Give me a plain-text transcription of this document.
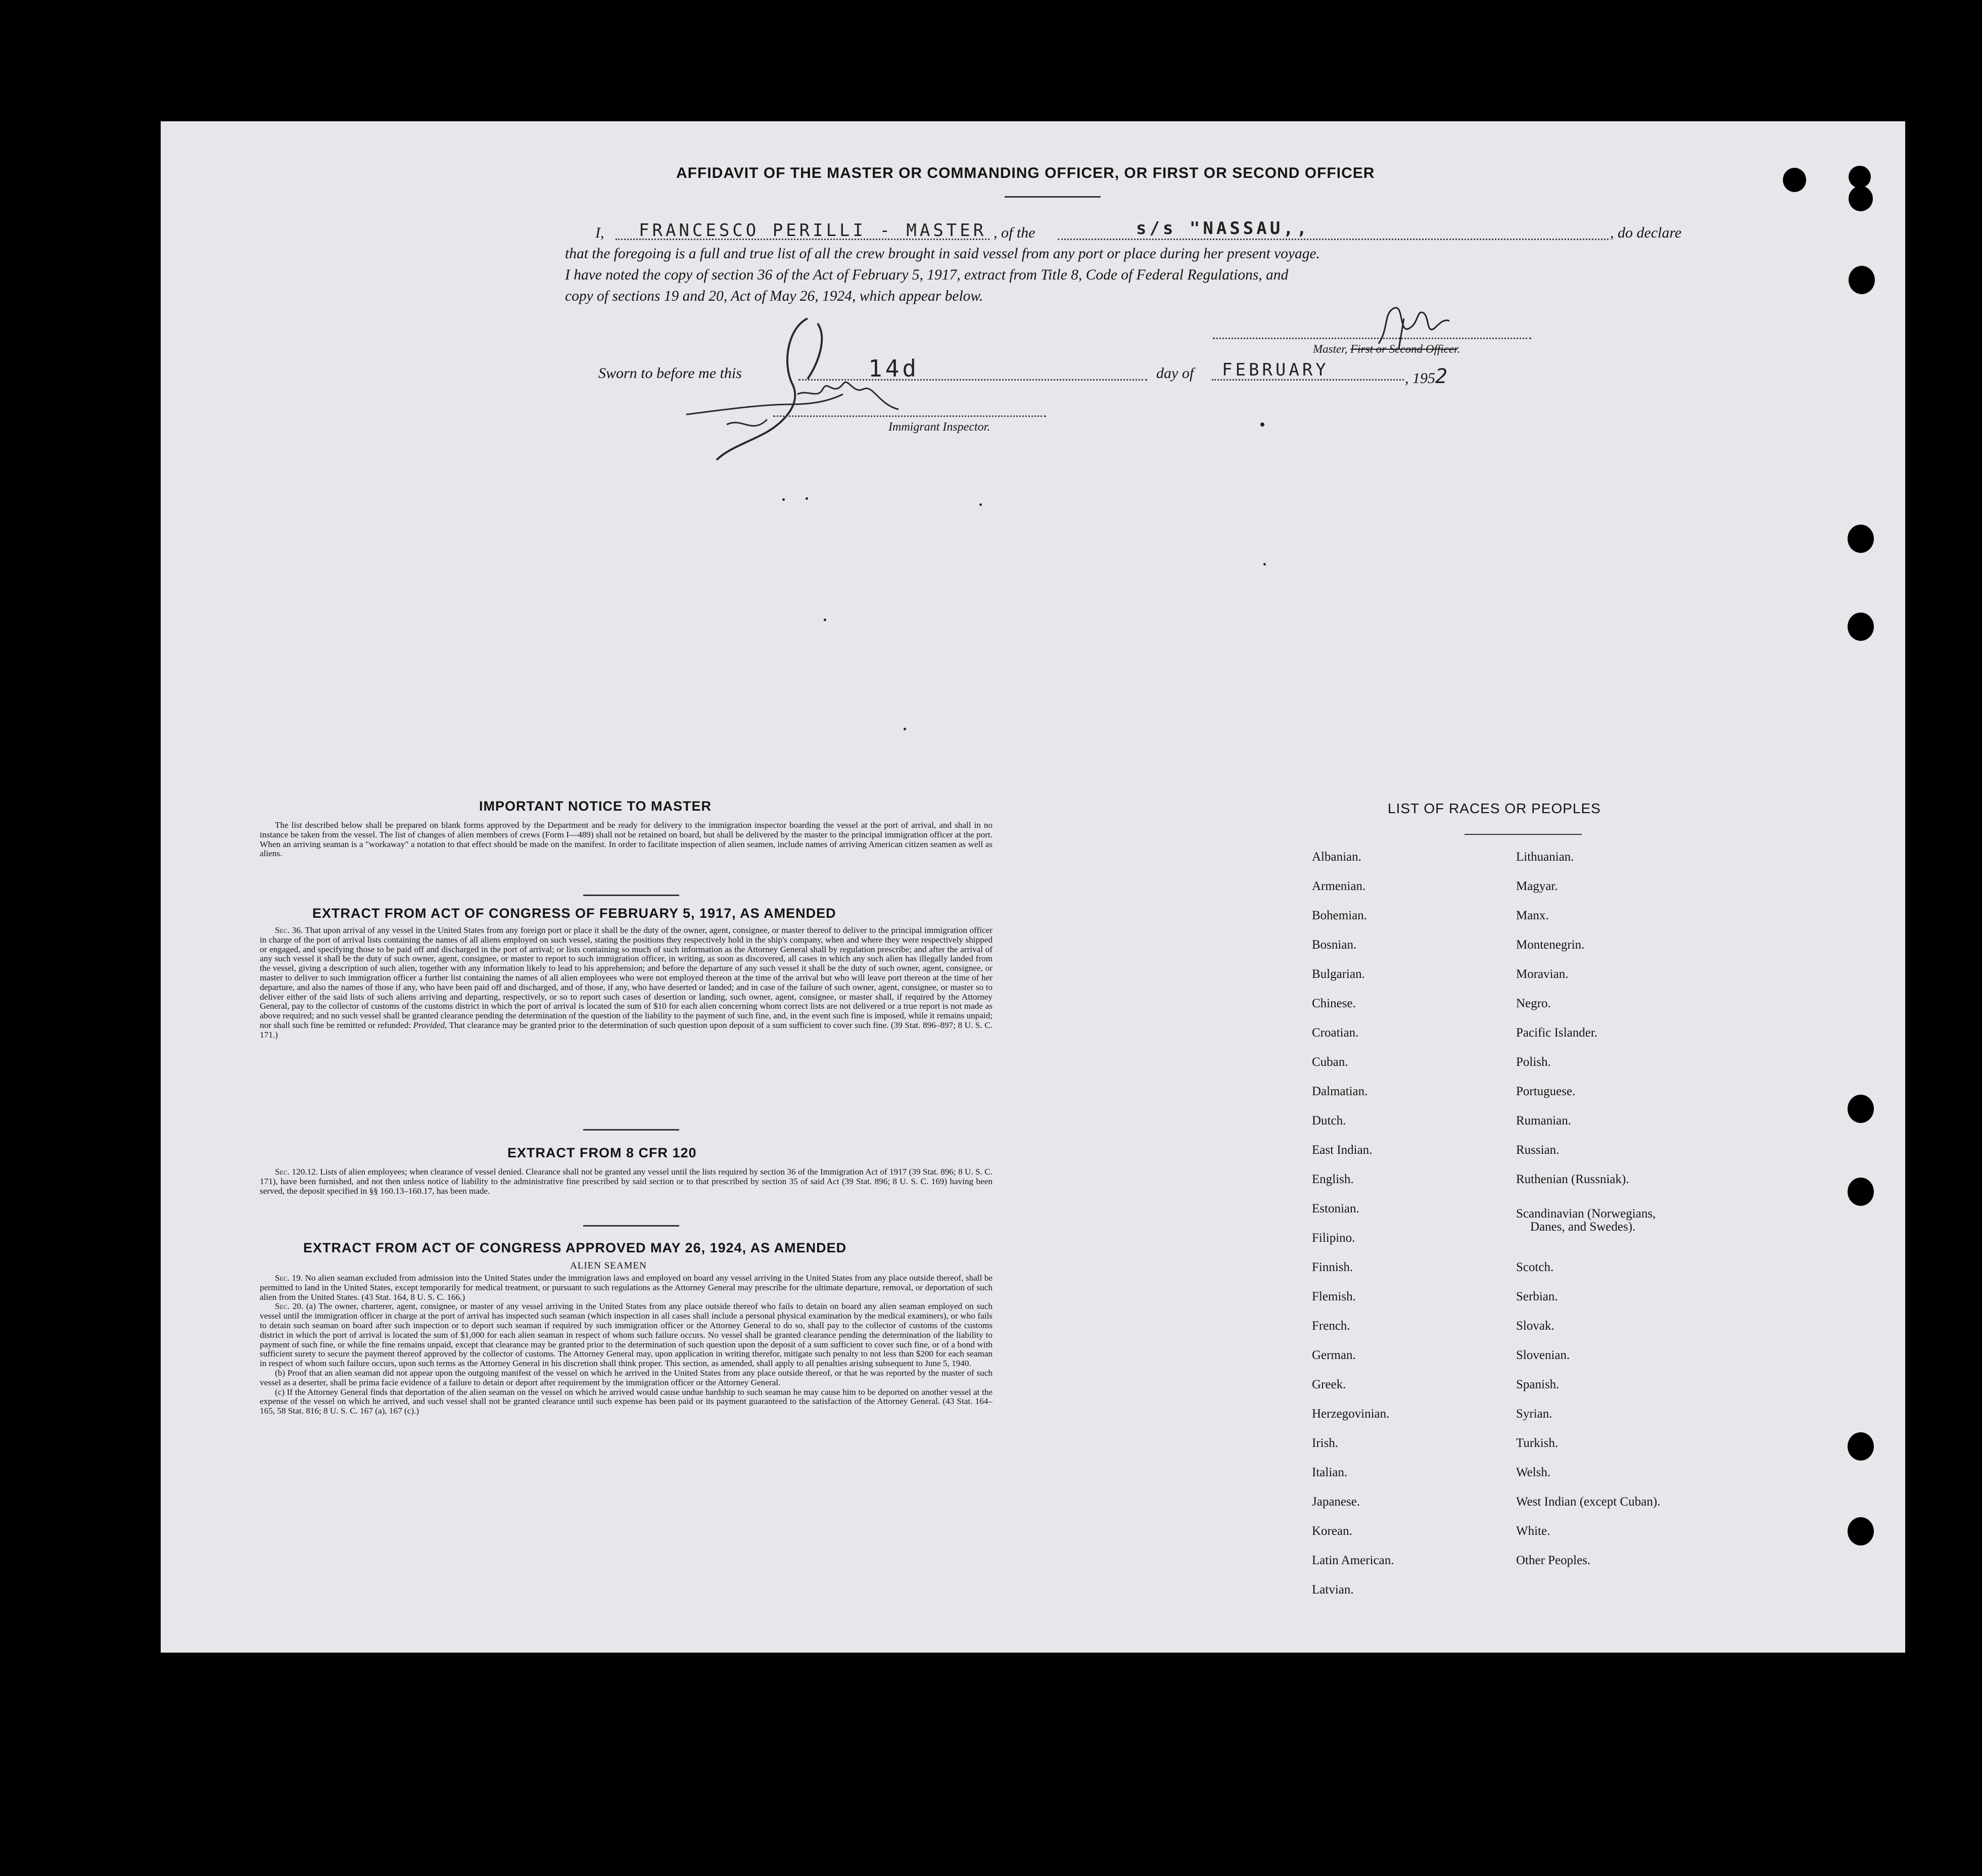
AFFIDAVIT OF THE MASTER OR COMMANDING OFFICER, OR FIRST OR SECOND OFFICER
I, FRANCESCO PERILLI - MASTER , of the	s/s "NASSAU,,	, do declare
that the foregoing is a full and true list of all the crew brought in said vessel from any port or place during her present voyage.
I have noted the copy of section 36 of the Act of February 5, 1917, extract from Title 8, Code of Federal Regulations, and
copy of sections 19 and 20, Act of May 26, 1924, which appear below.
Master, First or Second Officer.
Sworn to before me this	14d	day of FEBRUARY	, 1952
Immigrant Inspector.
IMPORTANT NOTICE TO MASTER

The list described below shall be prepared on blank forms approved by the Department and be ready for delivery to the immigration inspector boarding the vessel at the port of arrival, and shall in no instance be taken from the vessel. The list of changes of alien members of crews (Form I—489) shall not be retained on board, but shall be delivered by the master to the principal immigration officer at the port. When an arriving seaman is a "workaway" a notation to that effect should be made on the manifest. In order to facilitate inspection of alien seamen, include names of arriving American citizen seamen as well as aliens.

EXTRACT FROM ACT OF CONGRESS OF FEBRUARY 5, 1917, AS AMENDED

Sec. 36. That upon arrival of any vessel in the United States from any foreign port or place it shall be the duty of the owner, agent, consignee, or master thereof to deliver to the principal immigration officer in charge of the port of arrival lists containing the names of all aliens employed on such vessel, stating the positions they respectively hold in the ship's company, when and where they were respectively shipped or engaged, and specifying those to be paid off and discharged in the port of arrival; or lists containing so much of such information as the Attorney General shall by regulation prescribe; and after the arrival of any such vessel it shall be the duty of such owner, agent, consignee, or master to report to such immigration officer, in writing, as soon as discovered, all cases in which any such alien has illegally landed from the vessel, giving a description of such alien, together with any information likely to lead to his apprehension; and before the departure of any such vessel it shall be the duty of such owner, agent, consignee, or master to deliver to such immigration officer a further list containing the names of all alien employees who were not employed thereon at the time of the arrival but who will leave port thereon at the time of her departure, and also the names of those if any, who have been paid off and discharged, and of those, if any, who have deserted or landed; and in case of the failure of such owner, agent, consignee, or master so to deliver either of the said lists of such aliens arriving and departing, respectively, or so to report such cases of desertion or landing, such owner, agent, consignee, or master shall, if required by the Attorney General, pay to the collector of customs of the customs district in which the port of arrival is located the sum of $10 for each alien concerning whom correct lists are not delivered or a true report is not made as above required; and no such vessel shall be granted clearance pending the determination of the question of the liability to the payment of such fine, and, in the event such fine is imposed, while it remains unpaid; nor shall such fine be remitted or refunded: Provided, That clearance may be granted prior to the determination of such question upon deposit of a sum sufficient to cover such fine. (39 Stat. 896–897; 8 U. S. C. 171.)

EXTRACT FROM 8 CFR 120

Sec. 120.12. Lists of alien employees; when clearance of vessel denied. Clearance shall not be granted any vessel until the lists required by section 36 of the Immigration Act of 1917 (39 Stat. 896; 8 U. S. C. 171), have been furnished, and not then unless notice of liability to the administrative fine prescribed by said section or to that prescribed by section 35 of said Act (39 Stat. 896; 8 U. S. C. 169) having been served, the deposit specified in §§ 160.13–160.17, has been made.

EXTRACT FROM ACT OF CONGRESS APPROVED MAY 26, 1924, AS AMENDED
ALIEN SEAMEN

Sec. 19. No alien seaman excluded from admission into the United States under the immigration laws and employed on board any vessel arriving in the United States from any place outside thereof, shall be permitted to land in the United States, except temporarily for medical treatment, or pursuant to such regulations as the Attorney General may prescribe for the ultimate departure, removal, or deportation of such alien from the United States. (43 Stat. 164, 8 U. S. C. 166.)

Sec. 20. (a) The owner, charterer, agent, consignee, or master of any vessel arriving in the United States from any place outside thereof who fails to detain on board any alien seaman employed on such vessel until the immigration officer in charge at the port of arrival has inspected such seaman (which inspection in all cases shall include a personal physical examination by the medical examiners), or who fails to detain such seaman on board after such inspection or to deport such seaman if required by such immigration officer or the Attorney General to do so, shall pay to the collector of customs of the customs district in which the port of arrival is located the sum of $1,000 for each alien seaman in respect of whom such failure occurs. No vessel shall be granted clearance pending the determination of the liability to payment of such fine, or while the fine remains unpaid, except that clearance may be granted prior to the determination of such question upon the deposit of a sum sufficient to cover such fine, or of a bond with sufficient surety to secure the payment thereof approved by the collector of customs. The Attorney General may, upon application in writing therefor, mitigate such penalty to not less than $200 for each seaman in respect of whom such failure occurs, upon such terms as the Attorney General in his discretion shall think proper. This section, as amended, shall apply to all penalties arising subsequent to June 5, 1940.

(b) Proof that an alien seaman did not appear upon the outgoing manifest of the vessel on which he arrived in the United States from any place outside thereof, or that he was reported by the master of such vessel as a deserter, shall be prima facie evidence of a failure to detain or deport after requirement by the immigration officer or the Attorney General.

(c) If the Attorney General finds that deportation of the alien seaman on the vessel on which he arrived would cause undue hardship to such seaman he may cause him to be deported on another vessel at the expense of the vessel on which he arrived, and such vessel shall not be granted clearance until such expense has been paid or its payment guaranteed to the satisfaction of the Attorney General. (43 Stat. 164–165, 58 Stat. 816; 8 U. S. C. 167 (a), 167 (c).)

LIST OF RACES OR PEOPLES
Albanian.
Armenian.
Bohemian.
Bosnian.
Bulgarian.
Chinese.
Croatian.
Cuban.
Dalmatian.
Dutch.
East Indian.
English.
Estonian.
Filipino.
Finnish.
Flemish.
French.
German.
Greek.
Herzegovinian.
Irish.
Italian.
Japanese.
Korean.
Latin American.
Latvian.
Lithuanian.
Magyar.
Manx.
Montenegrin.
Moravian.
Negro.
Pacific Islander.
Polish.
Portuguese.
Rumanian.
Russian.
Ruthenian (Russniak).
Scandinavian (Norwegians,
Danes, and Swedes).
Scotch.
Serbian.
Slovak.
Slovenian.
Spanish.
Syrian.
Turkish.
Welsh.
West Indian (except Cuban).
White.
Other Peoples.
